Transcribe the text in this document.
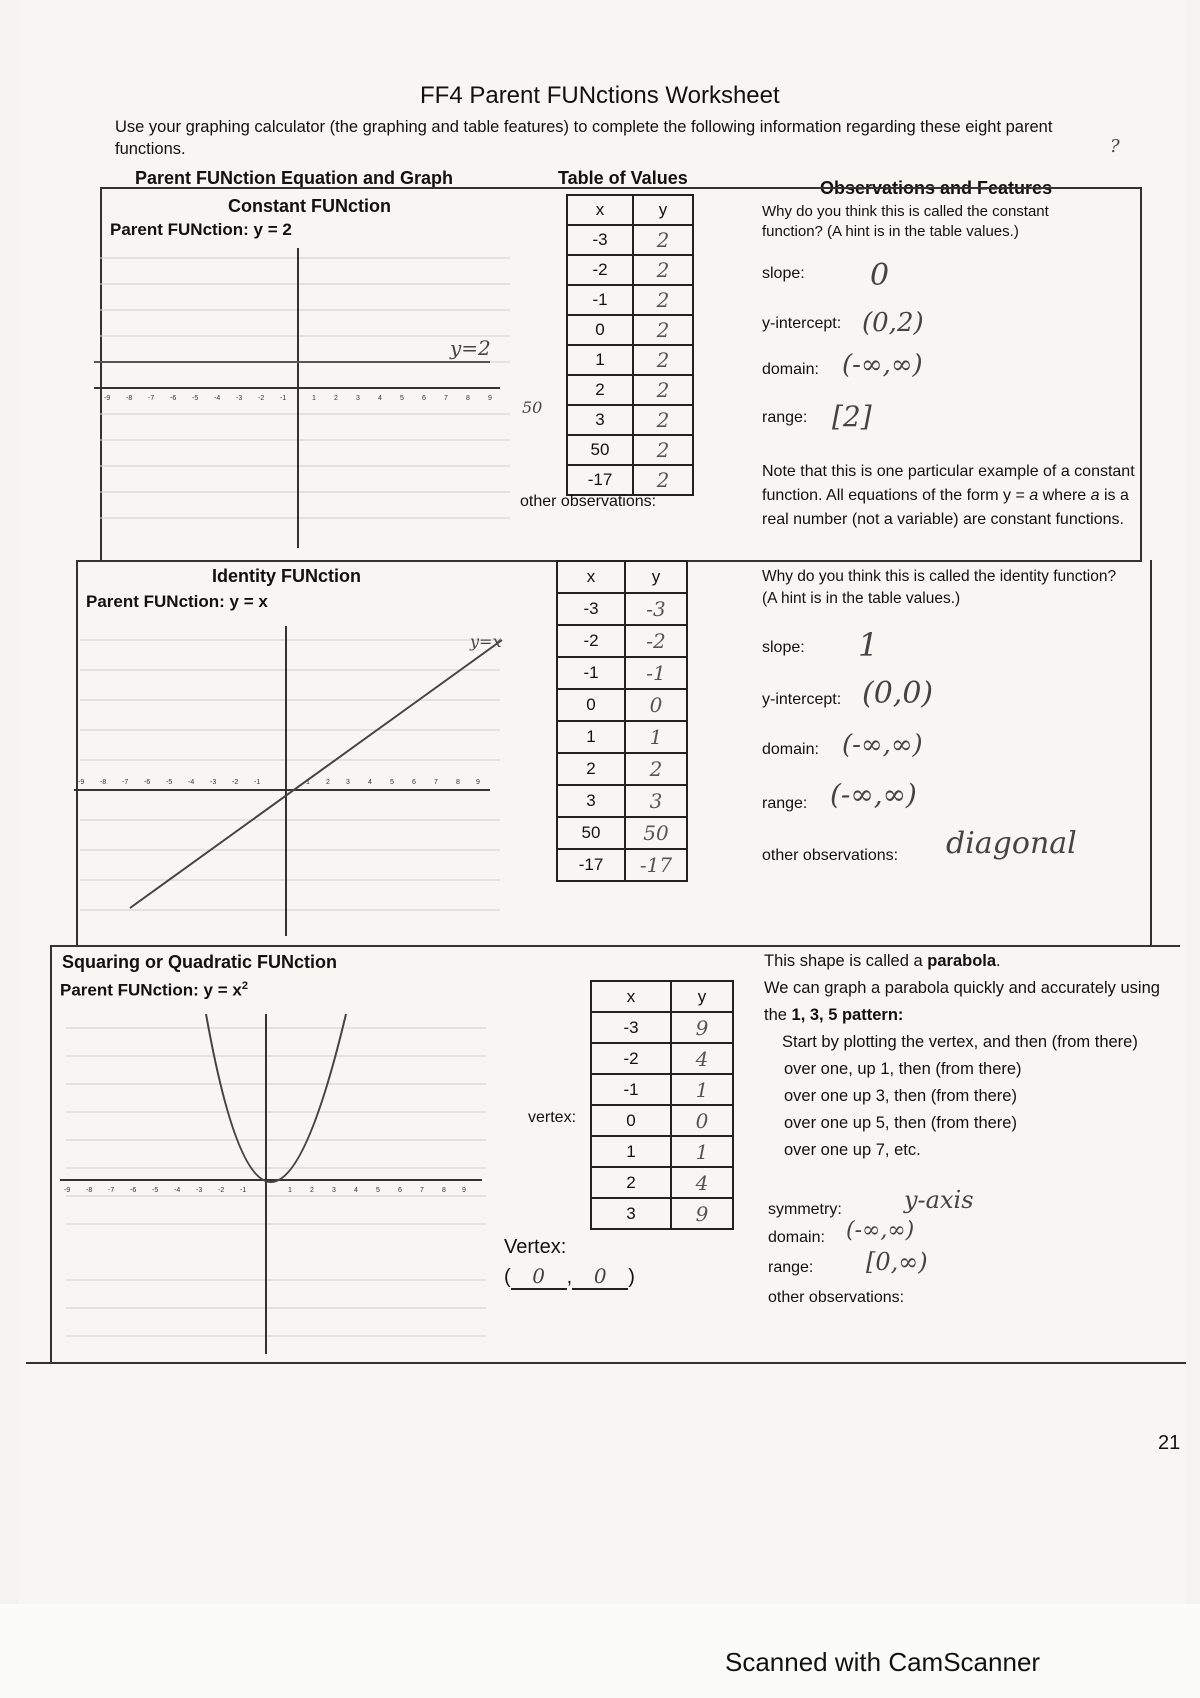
FF4 Parent FUNctions Worksheet
Use your graphing calculator (the graphing and table features) to complete the following information regarding these eight parent functions.	?
Parent FUNction Equation and Graph	Table of Values	Observations and Features
Constant FUNction
Parent FUNction: y = 2
-9 -8 -7 -6 -5 -4 -3 -2 -1	1	2	3	4	5	6	7	8	9
y=2
50
x	y
-3	2
-2	2
-1	2
0	2
1	2
2	2
3	2
50	2
-17	2
other observations:
Why do you think this is called the constant function? (A hint is in the table values.)
slope: 0
y-intercept: (0,2)
domain: (-∞,∞)
range: [2]
Note that this is one particular example of a constant function. All equations of the form y = a where a is a real number (not a variable) are constant functions.
Identity FUNction
Parent FUNction: y = x
-9 -8 -7 -6 -5 -4 -3 -2 -1	1 2 3	4	5	6	7	8 9
y=x
x	y
-3	-3
-2	-2
-1	-1
0	0
1	1
2	2
3	3
50	50
-17	-17
Why do you think this is called the identity function? (A hint is in the table values.)
slope: 1
y-intercept: (0,0)
domain: (-∞,∞)
range: (-∞,∞)
other observations: diagonal
Squaring or Quadratic FUNction
Parent FUNction: $y = x^2$
-9 -8 -7 -6 -5 -4 -3 -2 -1	1	2	3	4	5	6	7	8 9
x	y
-3	9
-2	4
-1	1
0	0
1	1
2	4
3	9
vertex:
Vertex:
( 0 , 0 )
This shape is called a parabola.
We can graph a parabola quickly and accurately using the 1, 3, 5 pattern:
Start by plotting the vertex, and then (from there)
over one, up 1, then (from there)
over one up 3, then (from there)
over one up 5, then (from there)
over one up 7, etc.
symmetry:	y-axis
domain: (-∞,∞)
range: [0,∞)
other observations:
21
Scanned with CamScanner
